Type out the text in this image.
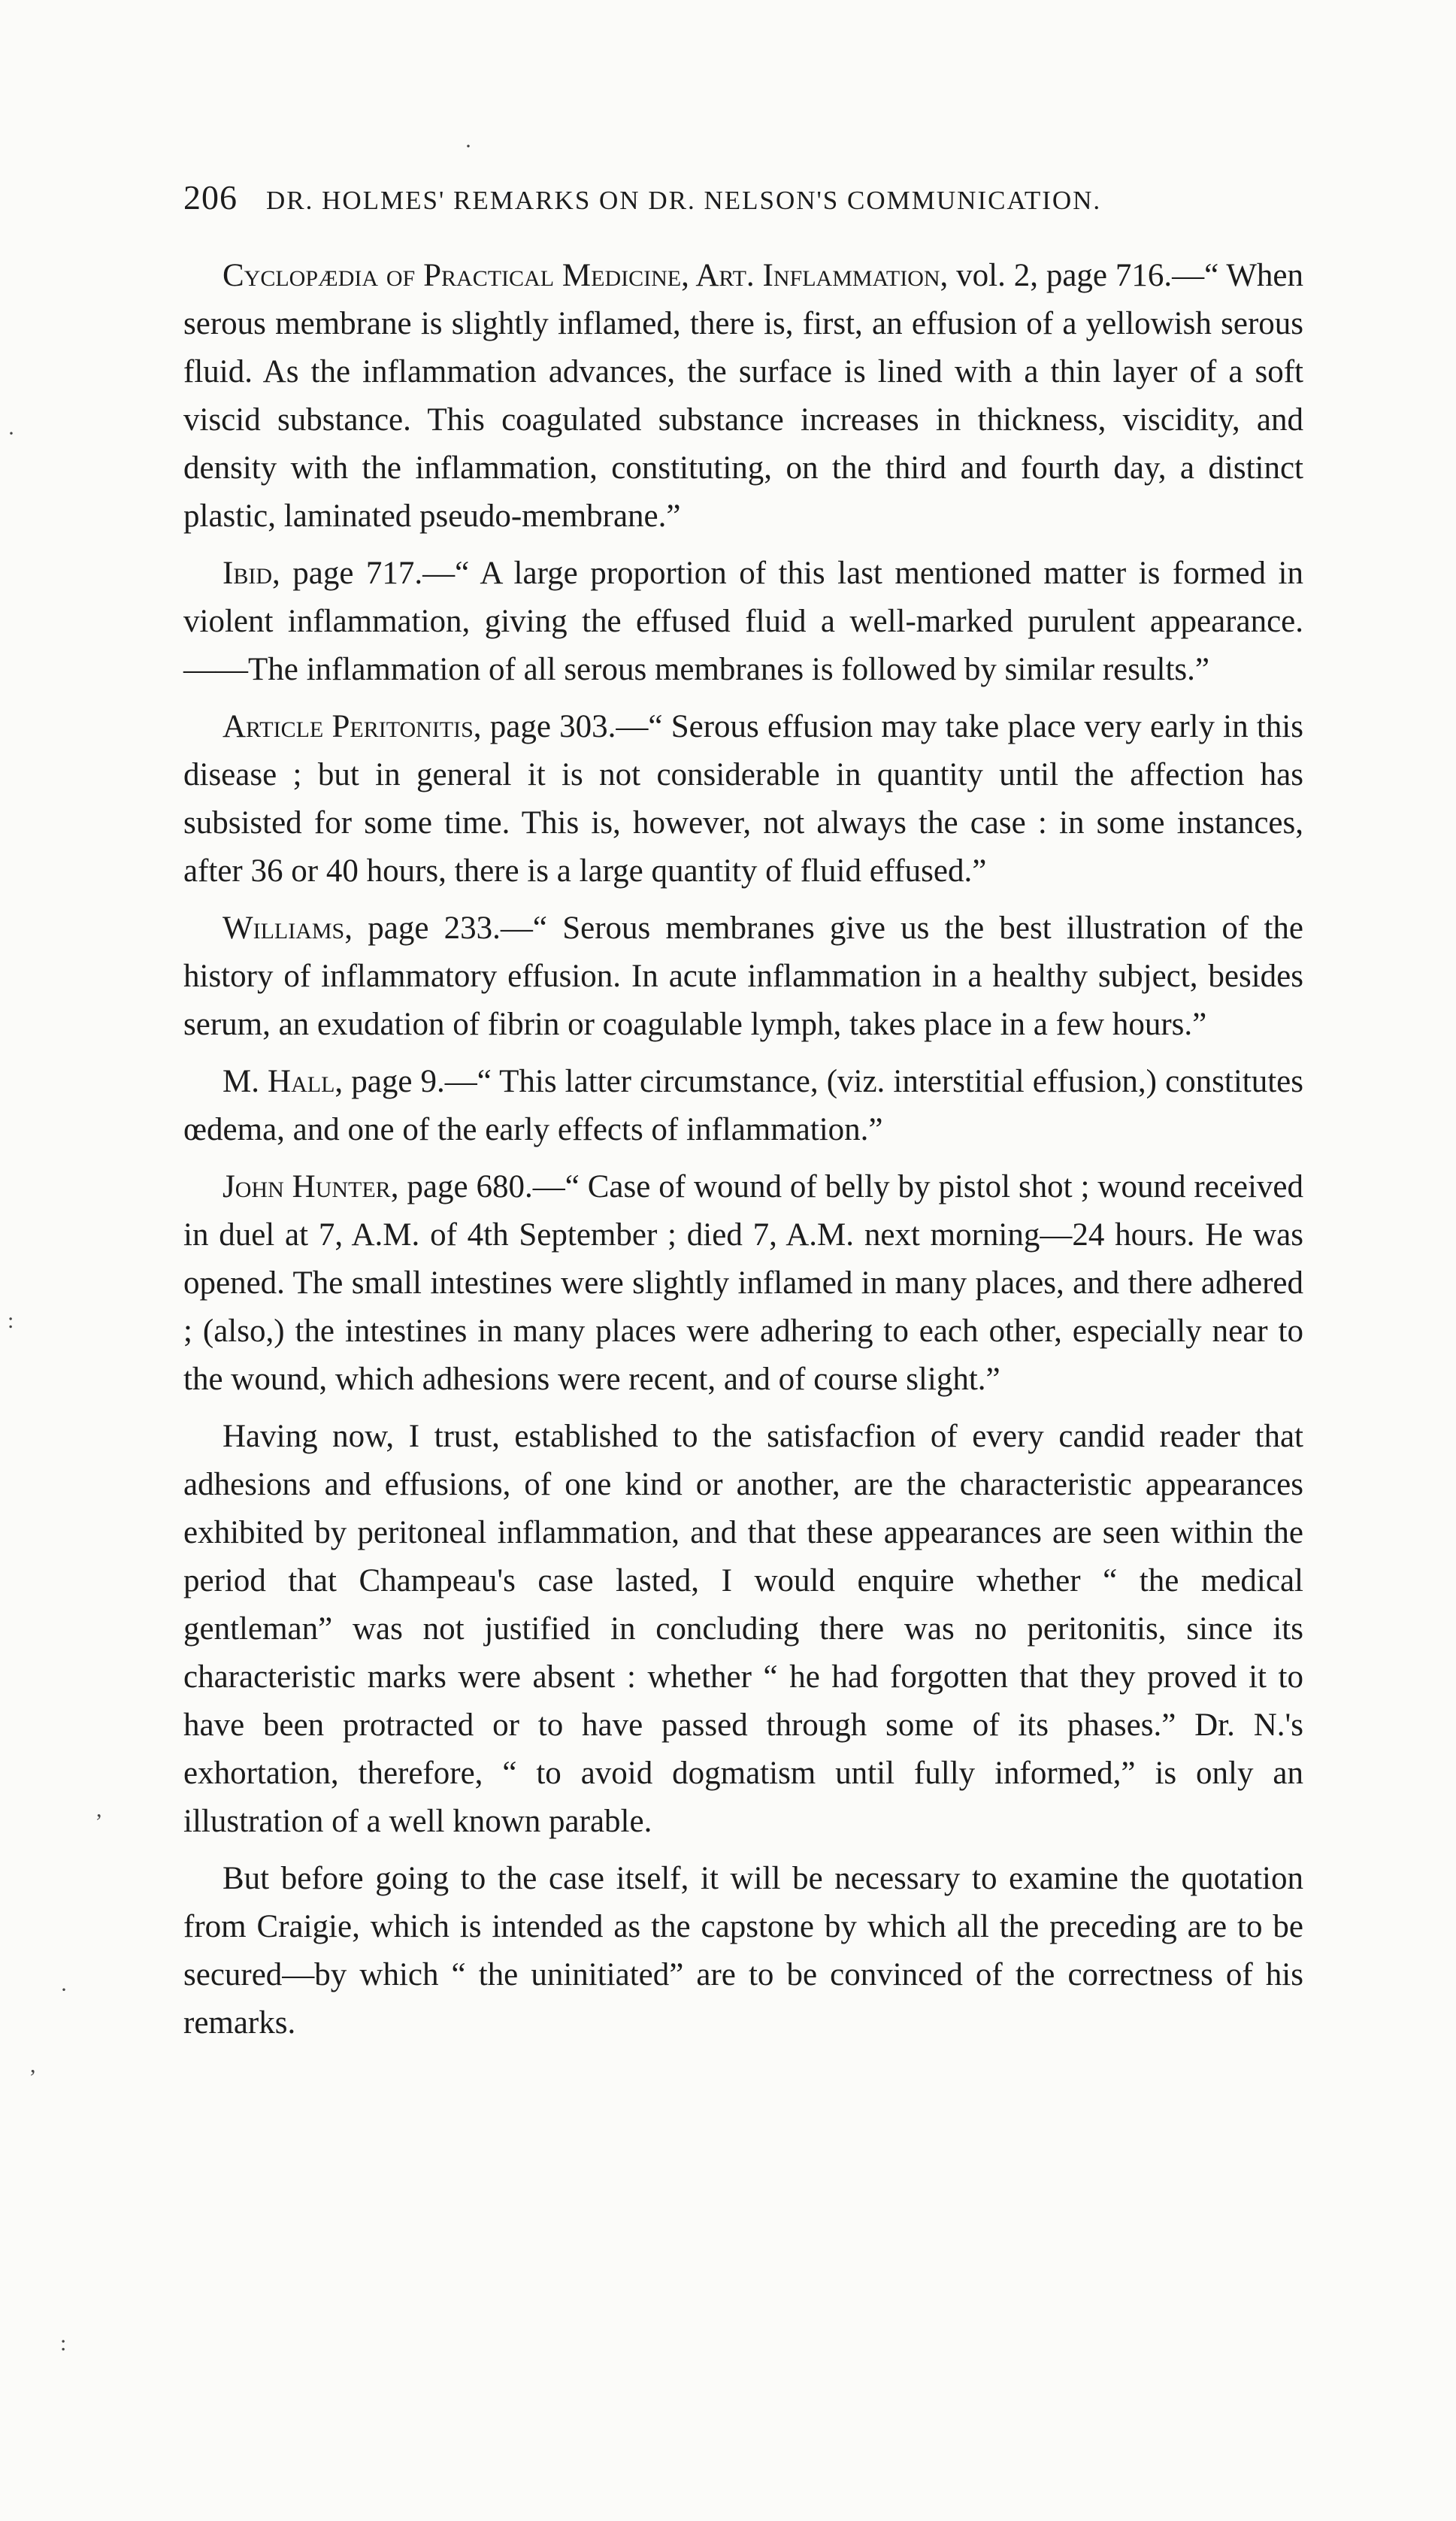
206 DR. HOLMES' REMARKS ON DR. NELSON'S COMMUNICATION.

Cyclopædia of Practical Medicine, Art. Inflammation, vol. 2, page 716.—“ When serous membrane is slightly inflamed, there is, first, an effusion of a yellowish serous fluid. As the inflammation advances, the surface is lined with a thin layer of a soft viscid substance. This coagulated substance increases in thickness, viscidity, and density with the inflammation, constituting, on the third and fourth day, a distinct plastic, laminated pseudo-membrane.”

Ibid, page 717.—“ A large proportion of this last mentioned matter is formed in violent inflammation, giving the effused fluid a well-marked purulent appearance.——The inflammation of all serous membranes is followed by similar results.”

Article Peritonitis, page 303.—“ Serous effusion may take place very early in this disease ; but in general it is not considerable in quantity until the affection has subsisted for some time. This is, however, not always the case : in some instances, after 36 or 40 hours, there is a large quantity of fluid effused.”

Williams, page 233.—“ Serous membranes give us the best illustration of the history of inflammatory effusion. In acute inflammation in a healthy subject, besides serum, an exudation of fibrin or coagulable lymph, takes place in a few hours.”

M. Hall, page 9.—“ This latter circumstance, (viz. interstitial effusion,) constitutes œdema, and one of the early effects of inflammation.”

John Hunter, page 680.—“ Case of wound of belly by pistol shot ; wound received in duel at 7, A.M. of 4th September ; died 7, A.M. next morning—24 hours. He was opened. The small intestines were slightly inflamed in many places, and there adhered ; (also,) the intestines in many places were adhering to each other, especially near to the wound, which adhesions were recent, and of course slight.”

Having now, I trust, established to the satisfacfion of every candid reader that adhesions and effusions, of one kind or another, are the characteristic appearances exhibited by peritoneal inflammation, and that these appearances are seen within the period that Champeau's case lasted, I would enquire whether “ the medical gentleman” was not justified in concluding there was no peritonitis, since its characteristic marks were absent : whether “ he had forgotten that they proved it to have been protracted or to have passed through some of its phases.” Dr. N.'s exhortation, therefore, “ to avoid dogmatism until fully informed,” is only an illustration of a well known parable.

But before going to the case itself, it will be necessary to examine the quotation from Craigie, which is intended as the capstone by which all the preceding are to be secured—by which “ the uninitiated” are to be convinced of the correctness of his remarks.

·
·
:
,
·
,
:
